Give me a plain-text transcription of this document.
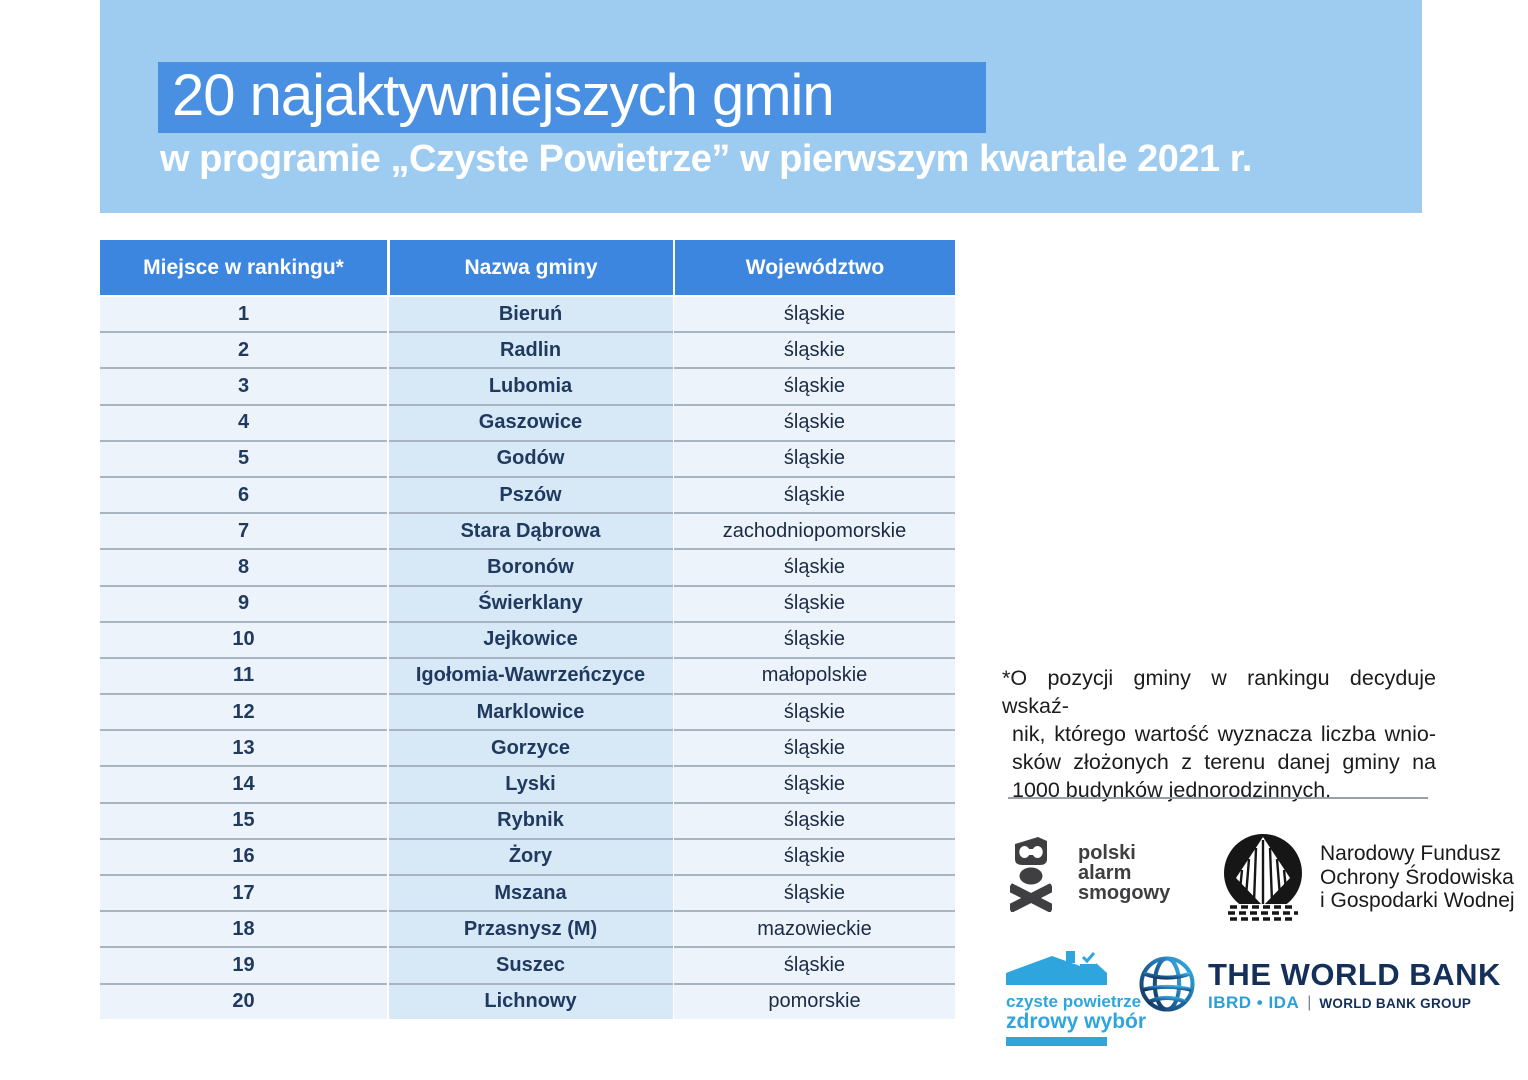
20 najaktywniejszych gmin
w programie „Czyste Powietrze” w pierwszym kwartale 2021 r.
Miejsce w rankingu*	Nazwa gminy	Województwo
1	Bieruń	śląskie
2	Radlin	śląskie
3	Lubomia	śląskie
4	Gaszowice	śląskie
5	Godów	śląskie
6	Pszów	śląskie
7	Stara Dąbrowa	zachodniopomorskie
8	Boronów	śląskie
9	Świerklany	śląskie
10	Jejkowice	śląskie
11	Igołomia-Wawrzeńczyce	małopolskie
12	Marklowice	śląskie
13	Gorzyce	śląskie
14	Lyski	śląskie
15	Rybnik	śląskie
16	Żory	śląskie
17	Mszana	śląskie
18	Przasnysz (M)	mazowieckie
19	Suszec	śląskie
20	Lichnowy	pomorskie
*O pozycji gminy w rankingu decyduje wskaź-
nik, którego wartość wyznacza liczba wnio-
sków złożonych z terenu danej gminy na
1000 budynków jednorodzinnych.
polski
alarm
smogowy
Narodowy Fundusz
Ochrony Środowiska
i Gospodarki Wodnej
czyste powietrze
zdrowy wybór
THE WORLD BANK
IBRD • IDA | WORLD BANK GROUP
